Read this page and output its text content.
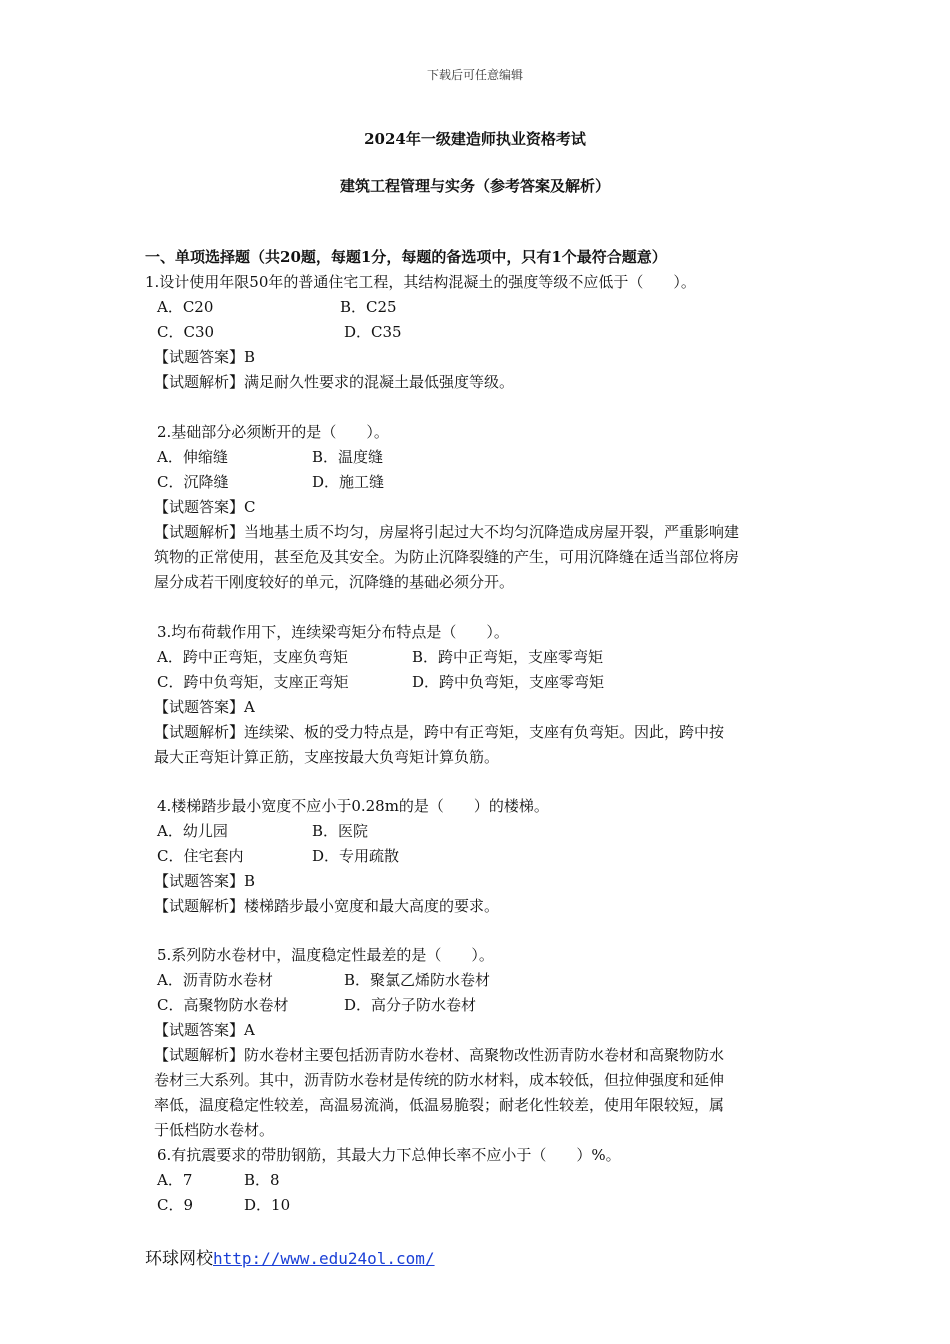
下载后可任意编辑
2024年一级建造师执业资格考试
建筑工程管理与实务（参考答案及解析）
一、单项选择题（共20题，每题1分，每题的备选项中，只有1个最符合题意）
1.设计使用年限50年的普通住宅工程，其结构混凝土的强度等级不应低于（　　）。
A．C20	B．C25
C．C30	D．C35
【试题答案】B
【试题解析】满足耐久性要求的混凝土最低强度等级。
2.基础部分必须断开的是（　　）。
A．伸缩缝	B．温度缝
C．沉降缝	D．施工缝
【试题答案】C
【试题解析】当地基土质不均匀，房屋将引起过大不均匀沉降造成房屋开裂，严重影响建
筑物的正常使用，甚至危及其安全。为防止沉降裂缝的产生，可用沉降缝在适当部位将房
屋分成若干刚度较好的单元，沉降缝的基础必须分开。
3.均布荷载作用下，连续梁弯矩分布特点是（　　）。
A．跨中正弯矩，支座负弯矩	B．跨中正弯矩，支座零弯矩
C．跨中负弯矩，支座正弯矩	D．跨中负弯矩，支座零弯矩
【试题答案】A
【试题解析】连续梁、板的受力特点是，跨中有正弯矩，支座有负弯矩。因此，跨中按
最大正弯矩计算正筋，支座按最大负弯矩计算负筋。
4.楼梯踏步最小宽度不应小于0.28m的是（　　）的楼梯。
A．幼儿园	B．医院
C．住宅套内	D．专用疏散
【试题答案】B
【试题解析】楼梯踏步最小宽度和最大高度的要求。
5.系列防水卷材中，温度稳定性最差的是（　　）。
A．沥青防水卷材	B．聚氯乙烯防水卷材
C．高聚物防水卷材	D．高分子防水卷材
【试题答案】A
【试题解析】防水卷材主要包括沥青防水卷材、高聚物改性沥青防水卷材和高聚物防水
卷材三大系列。其中，沥青防水卷材是传统的防水材料，成本较低，但拉伸强度和延伸
率低，温度稳定性较差，高温易流淌，低温易脆裂；耐老化性较差，使用年限较短，属
于低档防水卷材。
6.有抗震要求的带肋钢筋，其最大力下总伸长率不应小于（　　）%。
A．7	B．8
C．9	D．10
环球网校http://www.edu24ol.com/
